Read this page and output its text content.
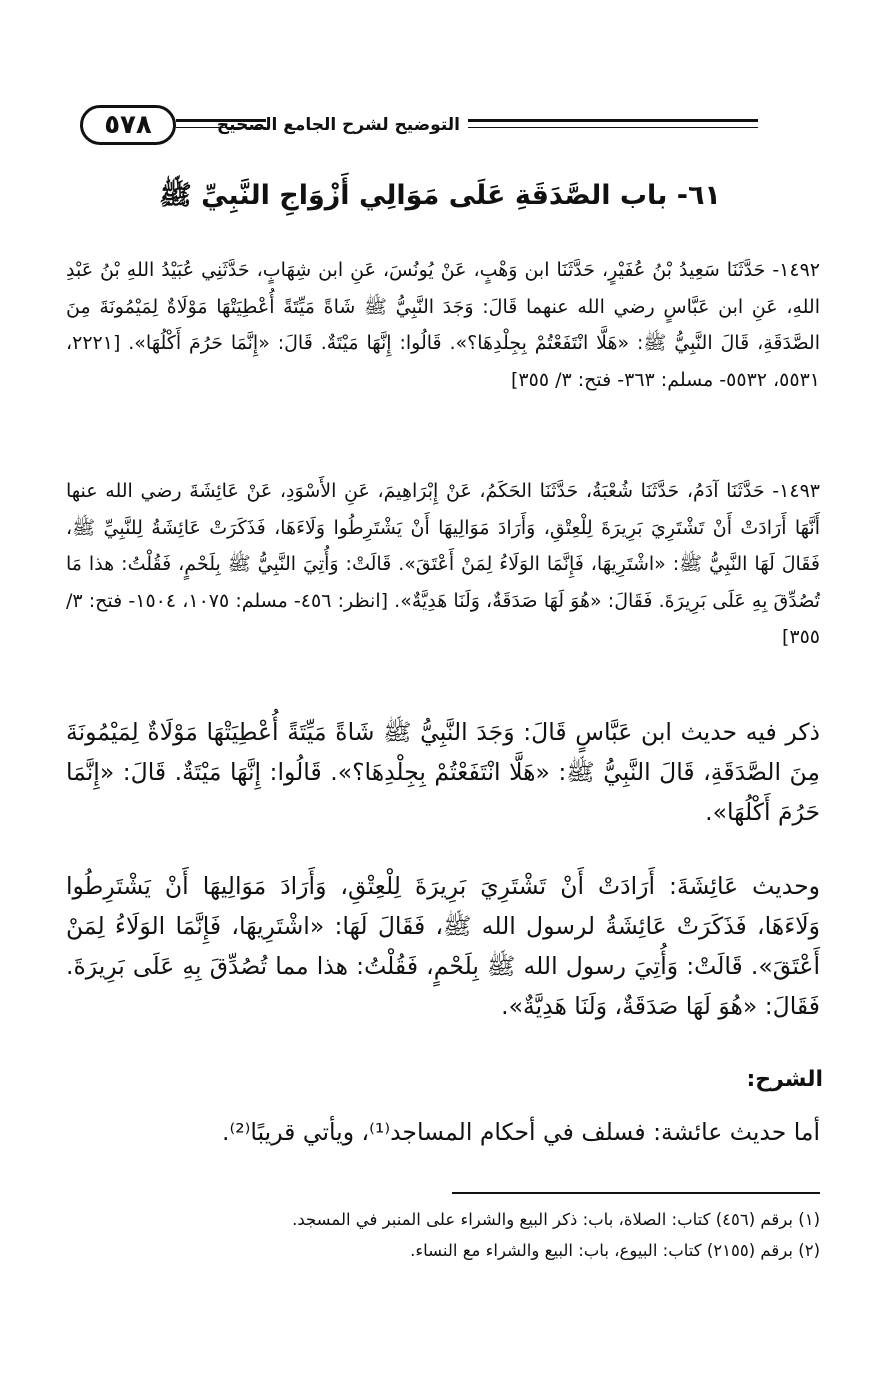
التوضيح لشرح الجامع الصحيح
٥٧٨
٦١- باب الصَّدَقَةِ عَلَى مَوَالِي أَزْوَاجِ النَّبِيِّ ﷺ

١٤٩٢- حَدَّثَنَا سَعِيدُ بْنُ عُفَيْرٍ، حَدَّثَنَا ابن وَهْبٍ، عَنْ يُونُسَ، عَنِ ابن شِهَابٍ، حَدَّثَنِي عُبَيْدُ اللهِ بْنُ عَبْدِ اللهِ، عَنِ ابن عَبَّاسٍ رضي الله عنهما قَالَ: وَجَدَ النَّبِيُّ ﷺ شَاةً مَيِّتَةً أُعْطِيَتْهَا مَوْلَاةٌ لِمَيْمُونَةَ مِنَ الصَّدَقَةِ، قَالَ النَّبِيُّ ﷺ: «هَلَّا انْتَفَعْتُمْ بِجِلْدِهَا؟». قَالُوا: إِنَّهَا مَيْتَةٌ. قَالَ: «إِنَّمَا حَرُمَ أَكْلُهَا». [٢٢٢١، ٥٥٣١، ٥٥٣٢- مسلم: ٣٦٣- فتح: ٣/ ٣٥٥]

١٤٩٣- حَدَّثَنَا آدَمُ، حَدَّثَنَا شُعْبَةُ، حَدَّثَنَا الحَكَمُ، عَنْ إِبْرَاهِيمَ، عَنِ الأَسْوَدِ، عَنْ عَائِشَةَ رضي الله عنها أَنَّهَا أَرَادَتْ أَنْ تَشْتَرِيَ بَرِيرَةَ لِلْعِتْقِ، وَأَرَادَ مَوَالِيهَا أَنْ يَشْتَرِطُوا وَلَاءَهَا، فَذَكَرَتْ عَائِشَةُ لِلنَّبِيِّ ﷺ، فَقَالَ لَهَا النَّبِيُّ ﷺ: «اشْتَرِيهَا، فَإِنَّمَا الوَلَاءُ لِمَنْ أَعْتَقَ». قَالَتْ: وَأُتِيَ النَّبِيُّ ﷺ بِلَحْمٍ، فَقُلْتُ: هذا مَا تُصُدِّقَ بِهِ عَلَى بَرِيرَةَ. فَقَالَ: «هُوَ لَهَا صَدَقَةٌ، وَلَنَا هَدِيَّةٌ». [انظر: ٤٥٦- مسلم: ١٠٧٥، ١٥٠٤- فتح: ٣/ ٣٥٥]

ذكر فيه حديث ابن عَبَّاسٍ قَالَ: وَجَدَ النَّبِيُّ ﷺ شَاةً مَيِّتَةً أُعْطِيَتْهَا مَوْلَاةٌ لِمَيْمُونَةَ مِنَ الصَّدَقَةِ، قَالَ النَّبِيُّ ﷺ: «هَلَّا انْتَفَعْتُمْ بِجِلْدِهَا؟». قَالُوا: إِنَّهَا مَيْتَةٌ. قَالَ: «إِنَّمَا حَرُمَ أَكْلُهَا».

وحديث عَائِشَةَ: أَرَادَتْ أَنْ تَشْتَرِيَ بَرِيرَةَ لِلْعِتْقِ، وَأَرَادَ مَوَالِيهَا أَنْ يَشْتَرِطُوا وَلَاءَهَا، فَذَكَرَتْ عَائِشَةُ لرسول الله ﷺ، فَقَالَ لَهَا: «اشْتَرِيهَا، فَإِنَّمَا الوَلَاءُ لِمَنْ أَعْتَقَ». قَالَتْ: وَأُتِيَ رسول الله ﷺ بِلَحْمٍ، فَقُلْتُ: هذا مما تُصُدِّقَ بِهِ عَلَى بَرِيرَةَ. فَقَالَ: «هُوَ لَهَا صَدَقَةٌ، وَلَنَا هَدِيَّةٌ».

الشرح:

أما حديث عائشة: فسلف في أحكام المساجد⁽¹⁾، ويأتي قريبًا⁽²⁾.

(١) برقم (٤٥٦) كتاب: الصلاة، باب: ذكر البيع والشراء على المنبر في المسجد.

(٢) برقم (٢١٥٥) كتاب: البيوع، باب: البيع والشراء مع النساء.
